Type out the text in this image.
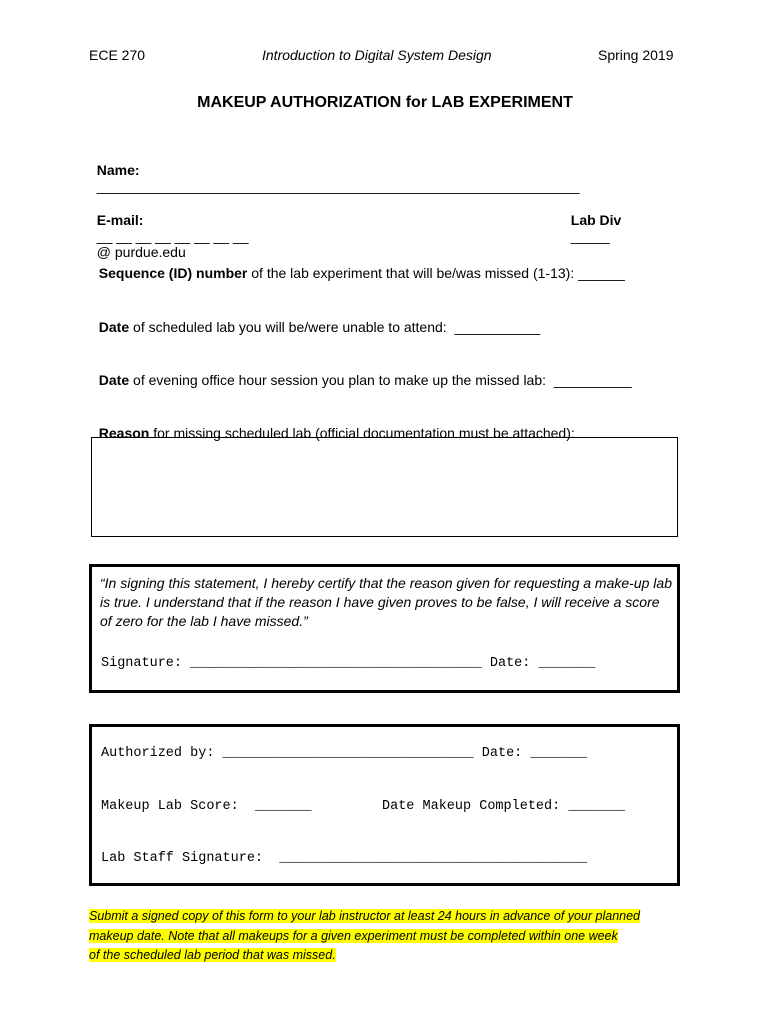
ECE 270	Introduction to Digital System Design	Spring 2019
MAKEUP AUTHORIZATION for LAB EXPERIMENT

Name:
______________________________________________________________

E-mail:
__ __ __ __ __ __ __ __
@ purdue.edu

Lab Div
_____

Sequence (ID) number of the lab experiment that will be/was missed (1-13): ______

Date of scheduled lab you will be/were unable to attend:  ___________

Date of evening office hour session you plan to make up the missed lab:  __________

Reason for missing scheduled lab (official documentation must be attached):

“In signing this statement, I hereby certify that the reason given for requesting a make-up lab is true. I understand that if the reason I have given proves to be false, I will receive a score of zero for the lab I have missed.”
Signature: ____________________________________ Date: _______
Authorized by: _______________________________ Date: _______
Makeup Lab Score:  _______	Date Makeup Completed: _______
Lab Staff Signature:  ______________________________________
Submit a signed copy of this form to your lab instructor at least 24 hours in advance of your planned
makeup date. Note that all makeups for a given experiment must be completed within one week
of the scheduled lab period that was missed.
